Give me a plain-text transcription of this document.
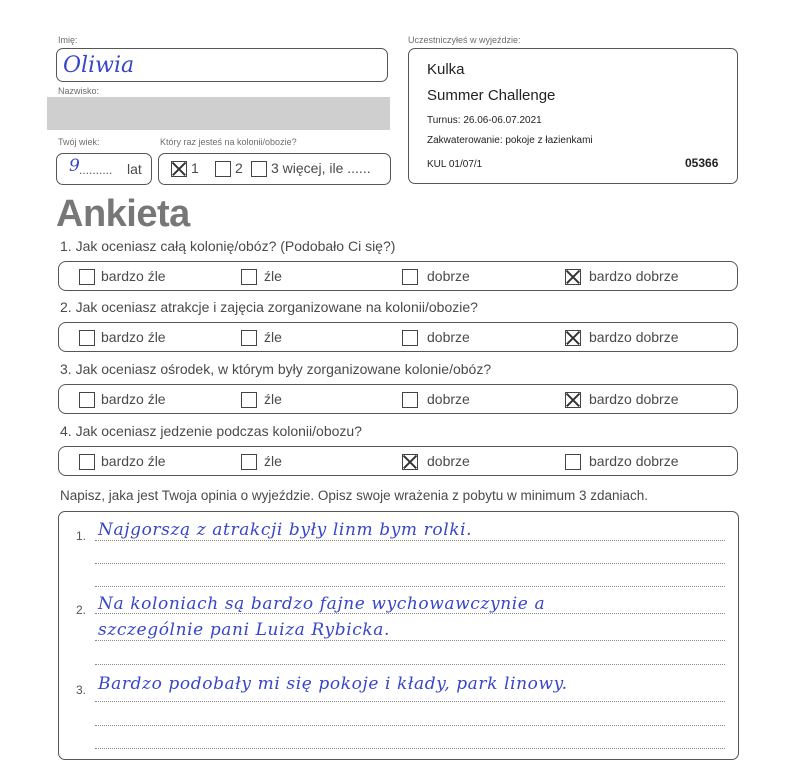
Imię:
Oliwia
Nazwisko:
Twój wiek:
9 .......... lat
Który raz jesteś na kolonii/obozie?
1	2 3 więcej, ile ......
Uczestniczyłeś w wyjeździe:
Kulka
Summer Challenge
Turnus: 26.06-06.07.2021
Zakwaterowanie: pokoje z łazienkami
KUL 01/07/1	05366
Ankieta
1. Jak oceniasz całą kolonię/obóz? (Podobało Ci się?)
bardzo źle	źle	dobrze	bardzo dobrze
2. Jak oceniasz atrakcje i zajęcia zorganizowane na kolonii/obozie?
bardzo źle	źle	dobrze	bardzo dobrze
3. Jak oceniasz ośrodek, w którym były zorganizowane kolonie/obóz?
bardzo źle	źle	dobrze	bardzo dobrze
4. Jak oceniasz jedzenie podczas kolonii/obozu?
bardzo źle	źle	dobrze	bardzo dobrze
Napisz, jaka jest Twoja opinia o wyjeździe. Opisz swoje wrażenia z pobytu w minimum 3 zdaniach.
1. Najgorszą z atrakcji były linm bym rolki.
2. Na koloniach są bardzo fajne wychowawczynie a
szczególnie pani Luiza Rybicka.
3. Bardzo podobały mi się pokoje i kłady, park linowy.
